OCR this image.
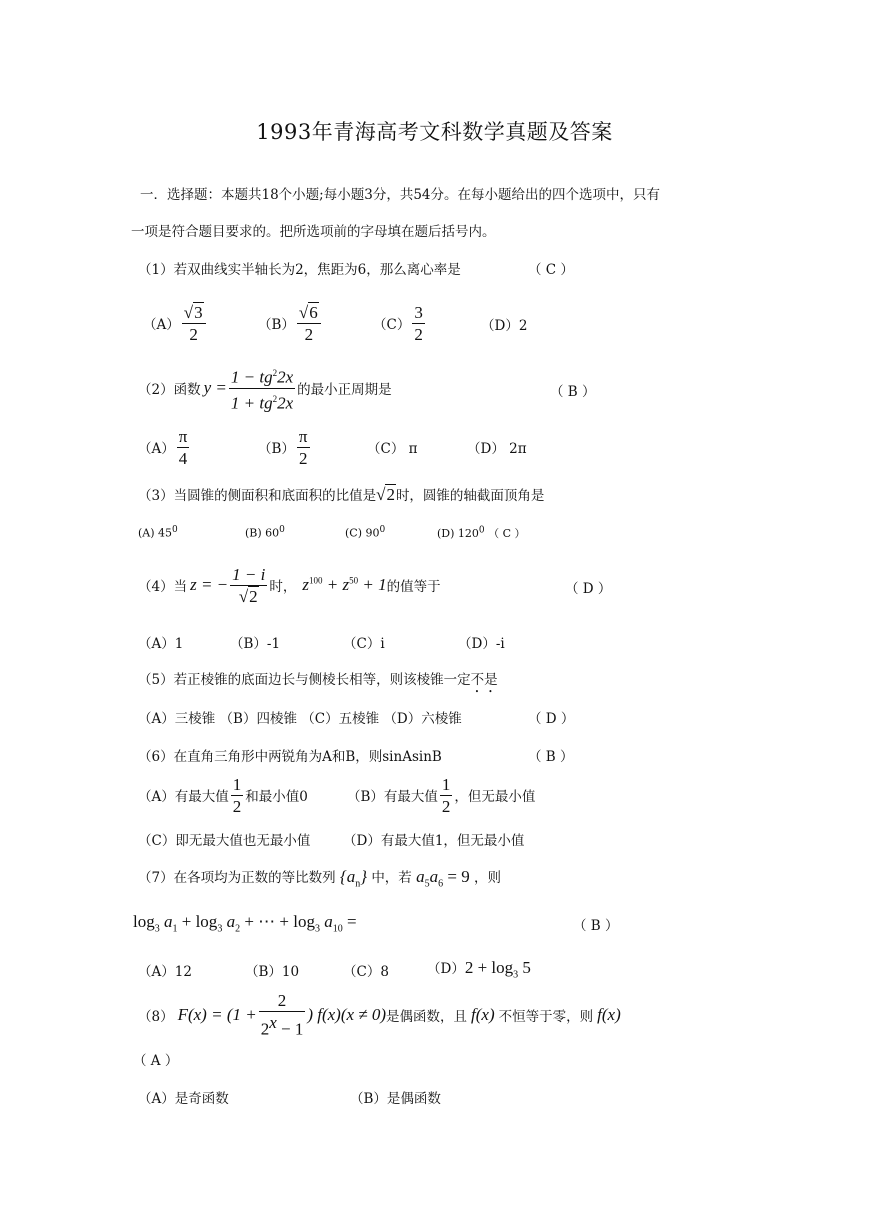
1993年青海高考文科数学真题及答案
一．选择题：本题共18个小题;每小题3分，共54分。在每小题给出的四个选项中，只有
一项是符合题目要求的。把所选项前的字母填在题后括号内。
（1）若双曲线实半轴长为2，焦距为6，那么离心率是	（ C ）
$(A) \frac{√3}{2}$	$(B) \frac{√6}{2}$	$(C) \frac{3}{2}$	（D）2
（2）函数 $y = \frac{1 - tg^22x}{1 + tg^22x}$ 的最小正周期是	（ B ）
$(A) \frac{\pi}{4}$	$(B) \frac{\pi}{2}$	（C） π	（D） 2π
（3）当圆锥的侧面积和底面积的比值是√2时，圆锥的轴截面顶角是
(A) $45^0$	(B) $60^0$	(C) $90^0$	(D) $120^0$ （ C ）
（4）当 z = − $\frac{1 - i}{√2}$ 时， $z^{100} + z^{50} + 1$ 的值等于	（ D ）
（A）1	（B）-1	（C）i	（D）-i
（5）若正棱锥的底面边长与侧棱长相等，则该棱锥一定不是
（A）三棱锥 （B）四棱锥 （C）五棱锥 （D）六棱锥	（ D ）
（6）在直角三角形中两锐角为A和B，则sinAsinB	（ B ）
（A）有最大值 $\frac{1}{2}$ 和最小值0	（B）有最大值 $\frac{1}{2}$ ，但无最小值
（C）即无最大值也无最小值 （D）有最大值1，但无最小值
（7）在各项均为正数的等比数列 $\{a_n\}$ 中，若 $a_5a_6 = 9$ ，则
$\log_3 a_1 + \log_3 a_2$ + ⋯ + $\log_3 a_{10}$ =	（ B ）
（A）12	（B）10	（C）8	$(D)2 + \log_3 5$
（8） $F(x) = (1 + \frac{2}{2^x - 1}$ ) f(x)(x ≠ 0) 是偶函数，且 f(x) 不恒等于零，则 f(x)
（ A ）
（A）是奇函数	（B）是偶函数
